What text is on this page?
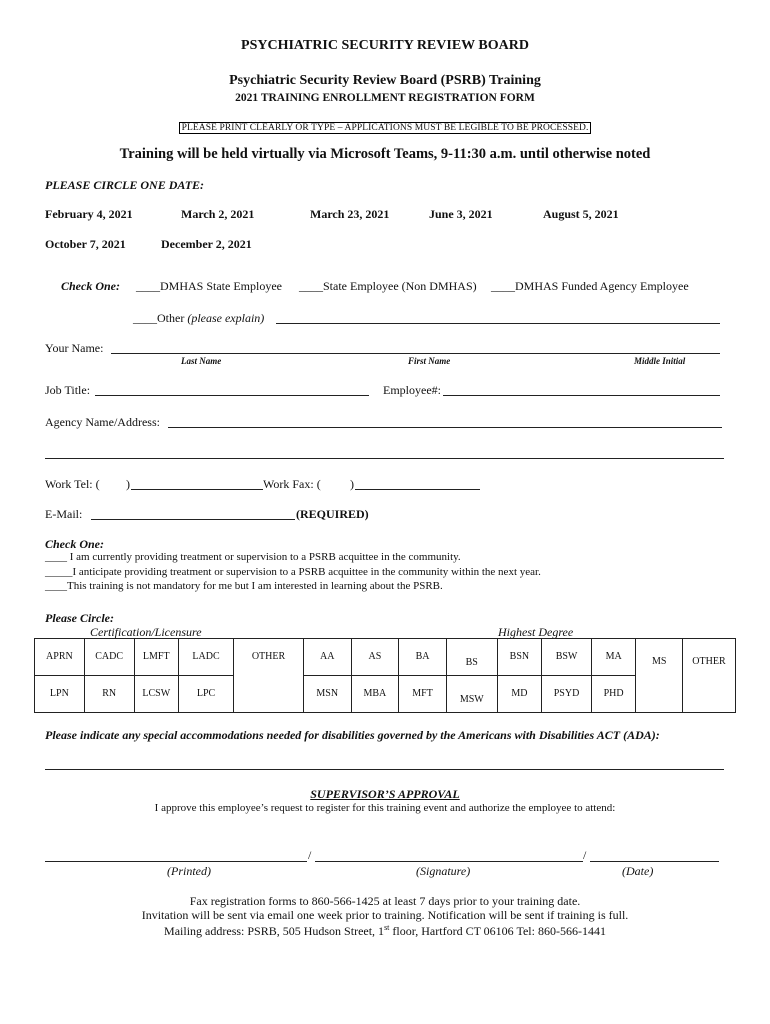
PSYCHIATRIC SECURITY REVIEW BOARD
Psychiatric Security Review Board (PSRB) Training
2021 TRAINING ENROLLMENT REGISTRATION FORM
PLEASE PRINT CLEARLY OR TYPE – APPLICATIONS MUST BE LEGIBLE TO BE PROCESSED.
Training will be held virtually via Microsoft Teams, 9-11:30 a.m. until otherwise noted
PLEASE CIRCLE ONE DATE:
February 4, 2021	March 2, 2021	March 23, 2021	June 3, 2021	August 5, 2021
October 7, 2021	December 2, 2021
Check One: ____DMHAS State Employee ____State Employee (Non DMHAS) ____DMHAS Funded Agency Employee
____Other (please explain)
Your Name:
Last Name	First Name	Middle Initial
Job Title:	Employee#:
Agency Name/Address:
Work Tel: ( )	Work Fax: ( )
E-Mail:	(REQUIRED)
Check One:
____ I am currently providing treatment or supervision to a PSRB acquittee in the community.
_____I anticipate providing treatment or supervision to a PSRB acquittee in the community within the next year.
____This training is not mandatory for me but I am interested in learning about the PSRB.
Please Circle:
Certification/Licensure	Highest Degree
APRN	CADC	LMFT	LADC	OTHER	AA	AS	BA	BS	BSN	BSW	MA	MS	OTHER

LPN	RN	LCSW	LPC		MSN	MBA	MFT	MSW	MD	PSYD	PHD		
Please indicate any special accommodations needed for disabilities governed by the Americans with Disabilities ACT (ADA):
SUPERVISOR’S APPROVAL
I approve this employee’s request to register for this training event and authorize the employee to attend:
/	/
(Printed)	(Signature)	(Date)
Fax registration forms to 860-566-1425 at least 7 days prior to your training date.
Invitation will be sent via email one week prior to training. Notification will be sent if training is full.
Mailing address: PSRB, 505 Hudson Street, 1st floor, Hartford CT 06106 Tel: 860-566-1441
